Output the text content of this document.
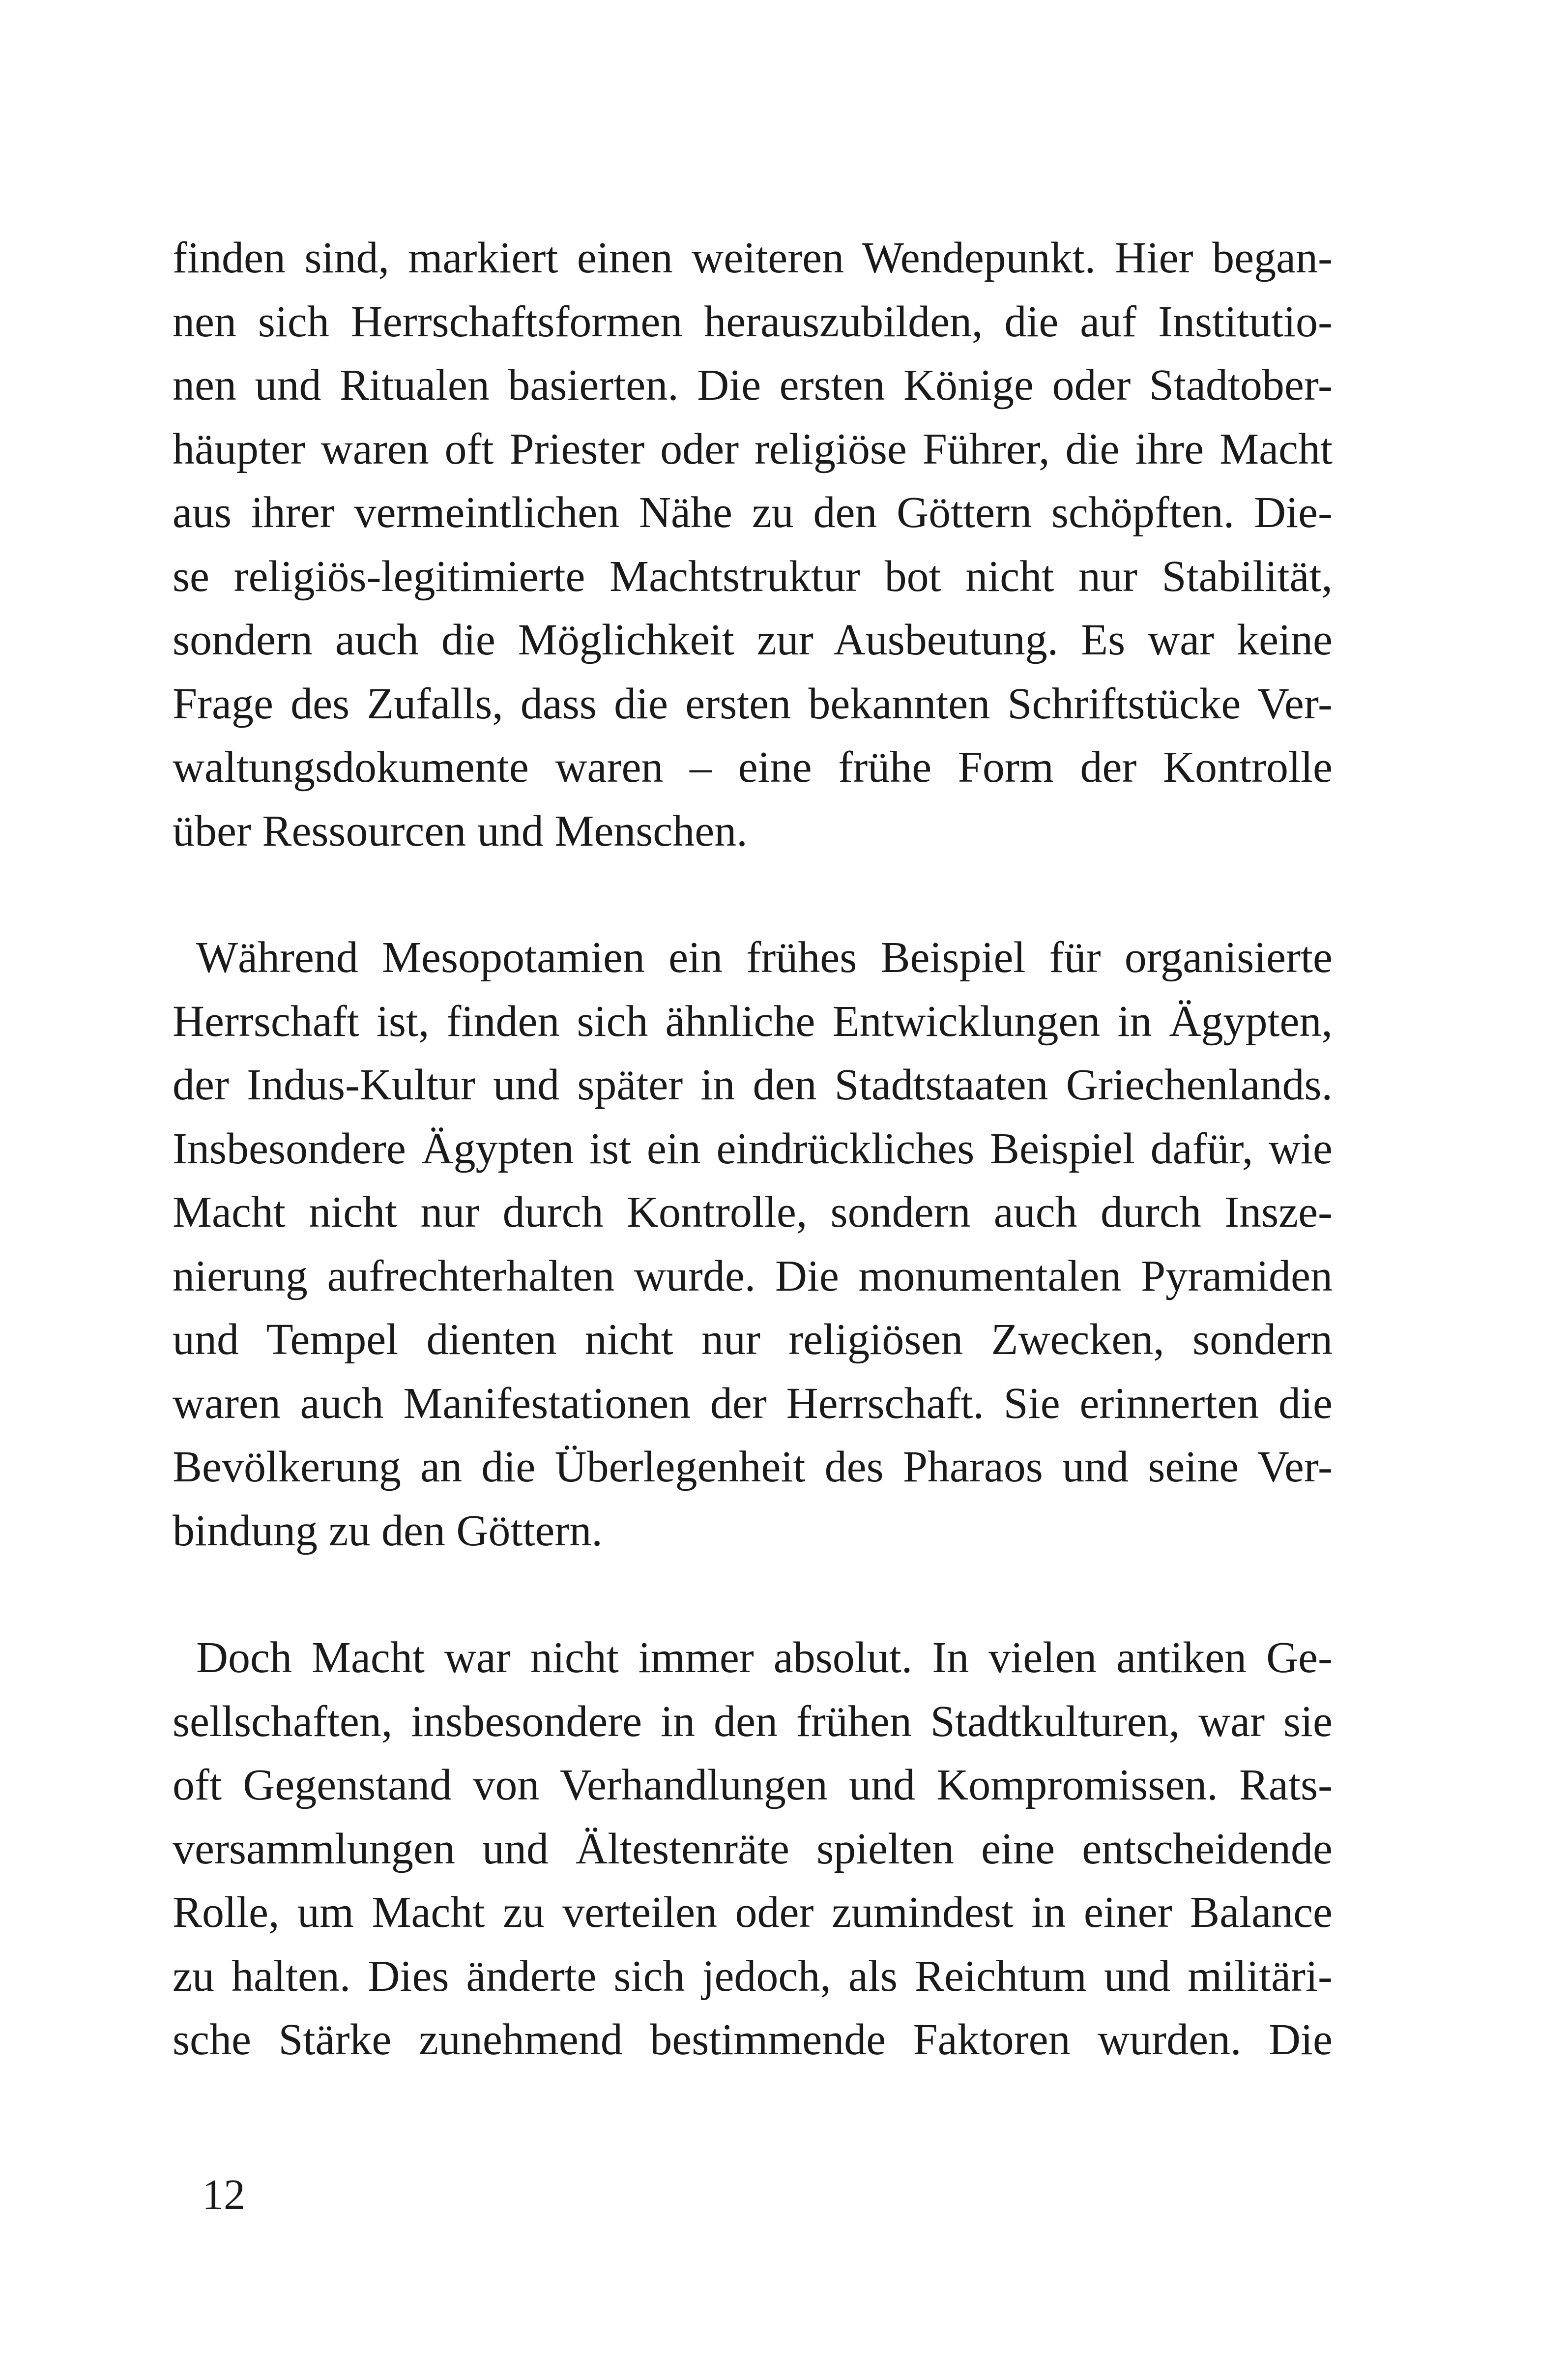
finden sind, markiert einen weiteren Wendepunkt. Hier began-
nen sich Herrschaftsformen herauszubilden, die auf Institutio-
nen und Ritualen basierten. Die ersten Könige oder Stadtober-
häupter waren oft Priester oder religiöse Führer, die ihre Macht
aus ihrer vermeintlichen Nähe zu den Göttern schöpften. Die-
se religiös-legitimierte Machtstruktur bot nicht nur Stabilität,
sondern auch die Möglichkeit zur Ausbeutung. Es war keine
Frage des Zufalls, dass die ersten bekannten Schriftstücke Ver-
waltungsdokumente waren – eine frühe Form der Kontrolle
über Ressourcen und Menschen.
Während Mesopotamien ein frühes Beispiel für organisierte
Herrschaft ist, finden sich ähnliche Entwicklungen in Ägypten,
der Indus-Kultur und später in den Stadtstaaten Griechenlands.
Insbesondere Ägypten ist ein eindrückliches Beispiel dafür, wie
Macht nicht nur durch Kontrolle, sondern auch durch Insze-
nierung aufrechterhalten wurde. Die monumentalen Pyramiden
und Tempel dienten nicht nur religiösen Zwecken, sondern
waren auch Manifestationen der Herrschaft. Sie erinnerten die
Bevölkerung an die Überlegenheit des Pharaos und seine Ver-
bindung zu den Göttern.
Doch Macht war nicht immer absolut. In vielen antiken Ge-
sellschaften, insbesondere in den frühen Stadtkulturen, war sie
oft Gegenstand von Verhandlungen und Kompromissen. Rats-
versammlungen und Ältestenräte spielten eine entscheidende
Rolle, um Macht zu verteilen oder zumindest in einer Balance
zu halten. Dies änderte sich jedoch, als Reichtum und militäri-
sche Stärke zunehmend bestimmende Faktoren wurden. Die
12
